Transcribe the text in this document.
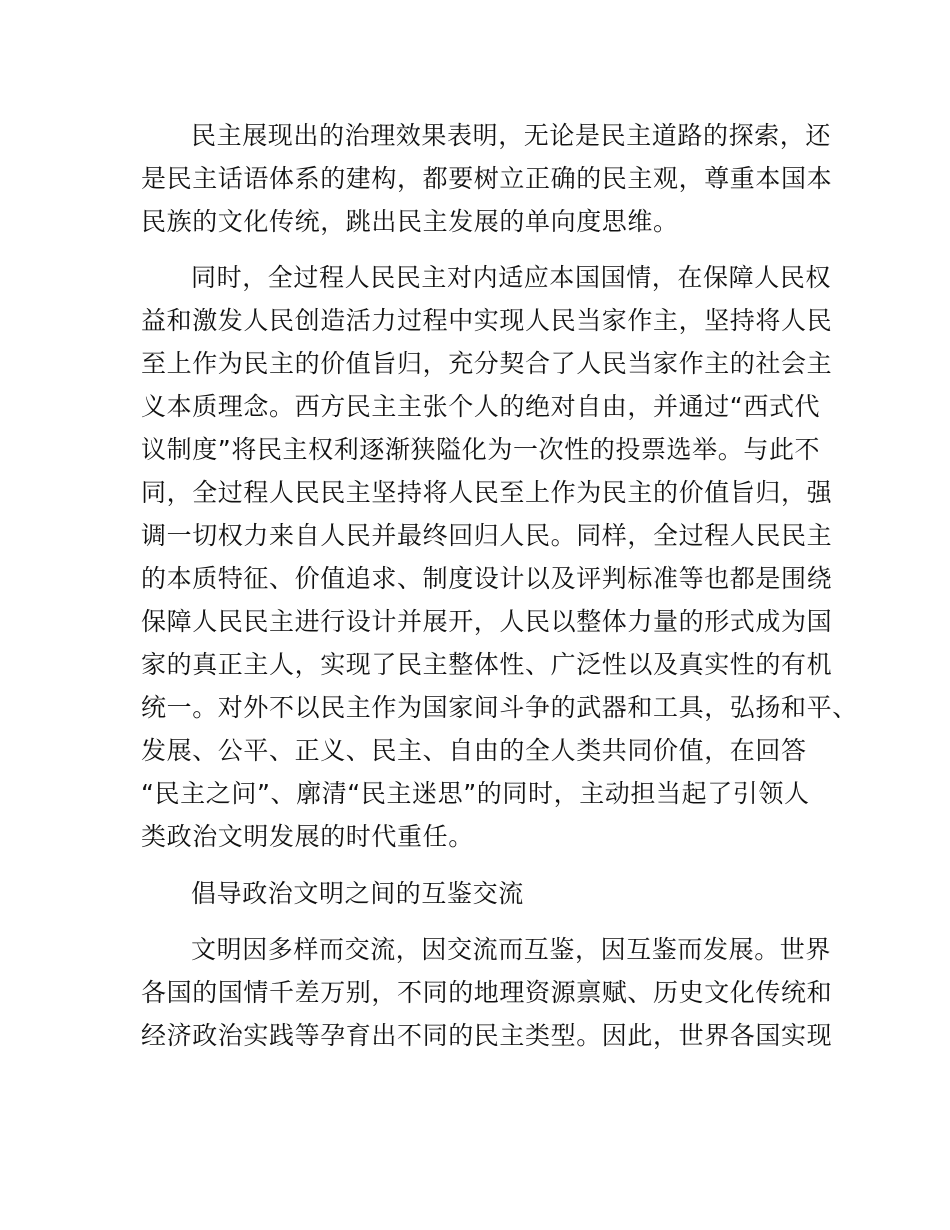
民主展现出的治理效果表明，无论是民主道路的探索，还

是民主话语体系的建构，都要树立正确的民主观，尊重本国本

民族的文化传统，跳出民主发展的单向度思维。

同时，全过程人民民主对内适应本国国情，在保障人民权

益和激发人民创造活力过程中实现人民当家作主，坚持将人民

至上作为民主的价值旨归，充分契合了人民当家作主的社会主

义本质理念。西方民主主张个人的绝对自由，并通过“西式代

议制度”将民主权利逐渐狭隘化为一次性的投票选举。与此不

同，全过程人民民主坚持将人民至上作为民主的价值旨归，强

调一切权力来自人民并最终回归人民。同样，全过程人民民主

的本质特征、价值追求、制度设计以及评判标准等也都是围绕

保障人民民主进行设计并展开，人民以整体力量的形式成为国

家的真正主人，实现了民主整体性、广泛性以及真实性的有机

统一。对外不以民主作为国家间斗争的武器和工具，弘扬和平、

发展、公平、正义、民主、自由的全人类共同价值，在回答

“民主之问”、廓清“民主迷思”的同时，主动担当起了引领人

类政治文明发展的时代重任。

倡导政治文明之间的互鉴交流

文明因多样而交流，因交流而互鉴，因互鉴而发展。世界

各国的国情千差万别，不同的地理资源禀赋、历史文化传统和

经济政治实践等孕育出不同的民主类型。因此，世界各国实现
